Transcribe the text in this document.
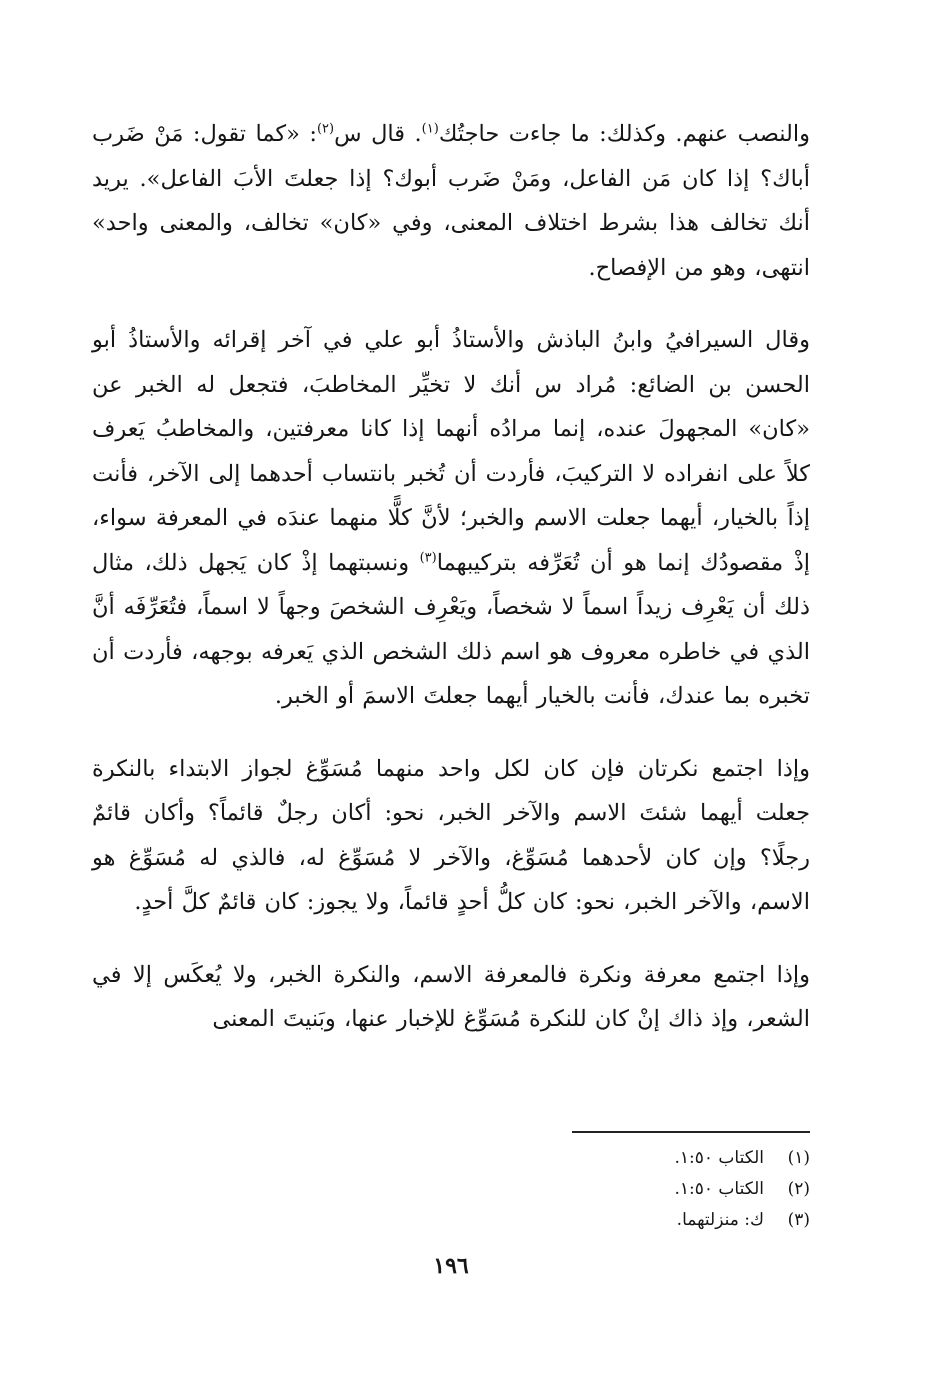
والنصب عنهم. وكذلك: ما جاءت حاجتُك$^{(١)}$. قال س$^{(٢)}$: «كما تقول: مَنْ ضَرب أباك؟ إذا كان مَن الفاعل، ومَنْ ضَرب أبوك؟ إذا جعلتَ الأبَ الفاعل». يريد أنك تخالف هذا بشرط اختلاف المعنى، وفي «كان» تخالف، والمعنى واحد» انتهى، وهو من الإفصاح.

وقال السيرافيُ وابنُ الباذش والأستاذُ أبو علي في آخر إقرائه والأستاذُ أبو الحسن بن الضائع: مُراد س أنك لا تخيِّر المخاطبَ، فتجعل له الخبر عن «كان» المجهولَ عنده، إنما مرادُه أنهما إذا كانا معرفتين، والمخاطبُ يَعرف كلاً على انفراده لا التركيبَ، فأردت أن تُخبر بانتساب أحدهما إلى الآخر، فأنت إذاً بالخيار، أيهما جعلت الاسم والخبر؛ لأنَّ كلًّا منهما عندَه في المعرفة سواء، إذْ مقصودُك إنما هو أن تُعَرِّفه بتركيبهما$^{(٣)}$ ونسبتهما إذْ كان يَجهل ذلك، مثال ذلك أن يَعْرِف زيداً اسماً لا شخصاً، ويَعْرِف الشخصَ وجهاً لا اسماً، فتُعَرِّفَه أنَّ الذي في خاطره معروف هو اسم ذلك الشخص الذي يَعرفه بوجهه، فأردت أن تخبره بما عندك، فأنت بالخيار أيهما جعلتَ الاسمَ أو الخبر.

وإذا اجتمع نكرتان فإن كان لكل واحد منهما مُسَوِّغ لجواز الابتداء بالنكرة جعلت أيهما شئتَ الاسم والآخر الخبر، نحو: أكان رجلٌ قائماً؟ وأكان قائمٌ رجلًا؟ وإن كان لأحدهما مُسَوِّغ، والآخر لا مُسَوِّغ له، فالذي له مُسَوِّغ هو الاسم، والآخر الخبر، نحو: كان كلُّ أحدٍ قائماً، ولا يجوز: كان قائمٌ كلَّ أحدٍ.

وإذا اجتمع معرفة ونكرة فالمعرفة الاسم، والنكرة الخبر، ولا يُعكَس إلا في الشعر، وإذ ذاك إنْ كان للنكرة مُسَوِّغ للإخبار عنها، وبَنيتَ المعنى

(١)
الكتاب ١:٥٠.
(٢)
الكتاب ١:٥٠.
(٣)
ك: منزلتهما.
١٩٦
